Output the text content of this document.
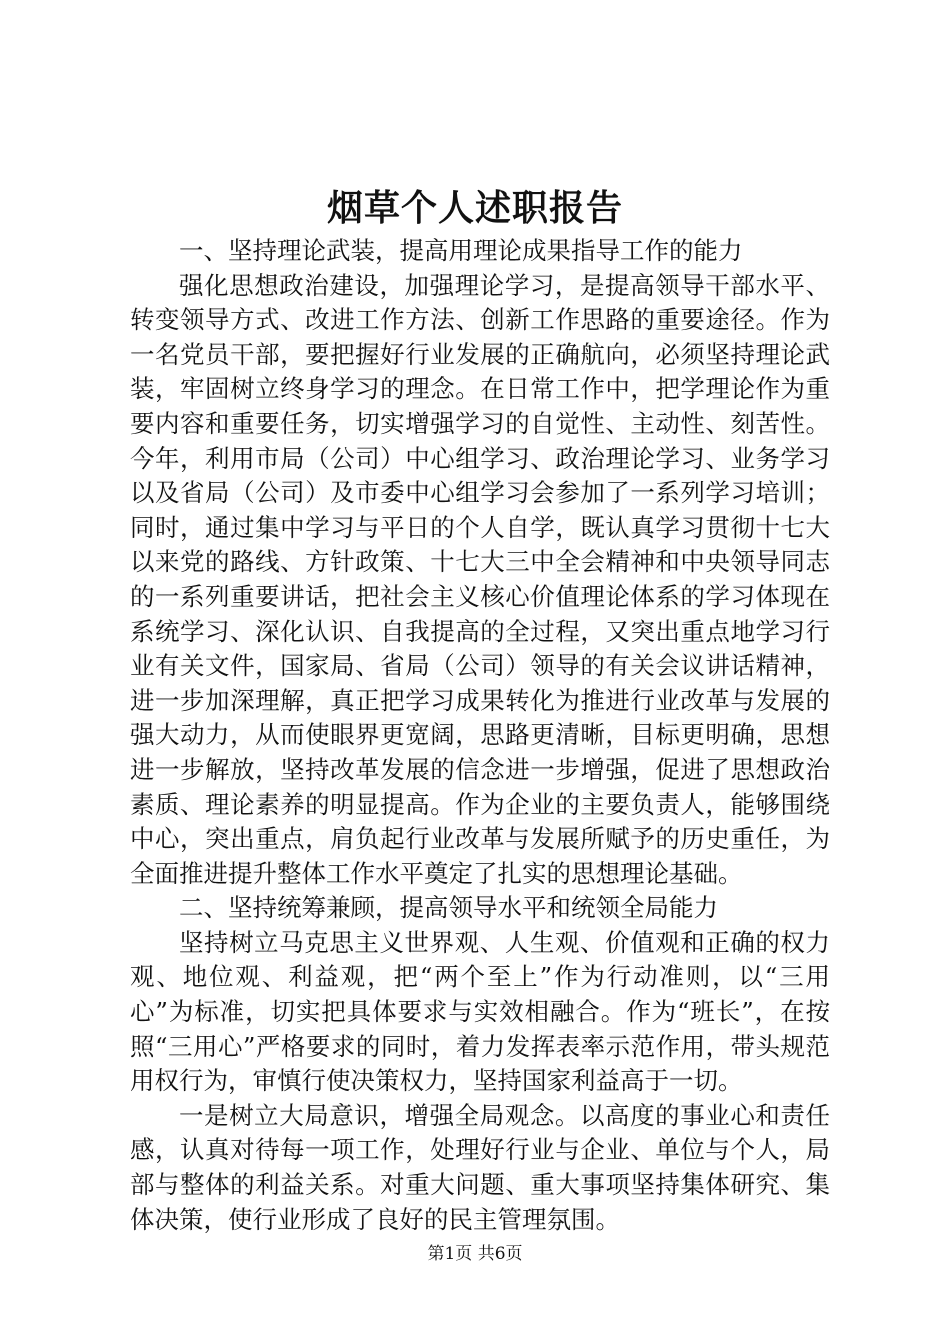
烟草个人述职报告

一、坚持理论武装，提高用理论成果指导工作的能力

强化思想政治建设，加强理论学习，是提高领导干部水平、转变领导方式、改进工作方法、创新工作思路的重要途径。作为一名党员干部，要把握好行业发展的正确航向，必须坚持理论武装，牢固树立终身学习的理念。在日常工作中，把学理论作为重要内容和重要任务，切实增强学习的自觉性、主动性、刻苦性。今年，利用市局（公司）中心组学习、政治理论学习、业务学习以及省局（公司）及市委中心组学习会参加了一系列学习培训；同时，通过集中学习与平日的个人自学，既认真学习贯彻十七大以来党的路线、方针政策、十七大三中全会精神和中央领导同志的一系列重要讲话，把社会主义核心价值理论体系的学习体现在系统学习、深化认识、自我提高的全过程，又突出重点地学习行业有关文件，国家局、省局（公司）领导的有关会议讲话精神，进一步加深理解，真正把学习成果转化为推进行业改革与发展的强大动力，从而使眼界更宽阔，思路更清晰，目标更明确，思想进一步解放，坚持改革发展的信念进一步增强，促进了思想政治素质、理论素养的明显提高。作为企业的主要负责人，能够围绕中心，突出重点，肩负起行业改革与发展所赋予的历史重任，为全面推进提升整体工作水平奠定了扎实的思想理论基础。

二、坚持统筹兼顾，提高领导水平和统领全局能力

坚持树立马克思主义世界观、人生观、价值观和正确的权力观、地位观、利益观，把“两个至上”作为行动准则，以“三用心”为标准，切实把具体要求与实效相融合。作为“班长”，在按照“三用心”严格要求的同时，着力发挥表率示范作用，带头规范用权行为，审慎行使决策权力，坚持国家利益高于一切。

一是树立大局意识，增强全局观念。以高度的事业心和责任感，认真对待每一项工作，处理好行业与企业、单位与个人，局部与整体的利益关系。对重大问题、重大事项坚持集体研究、集体决策，使行业形成了良好的民主管理氛围。

第1页 共6页
